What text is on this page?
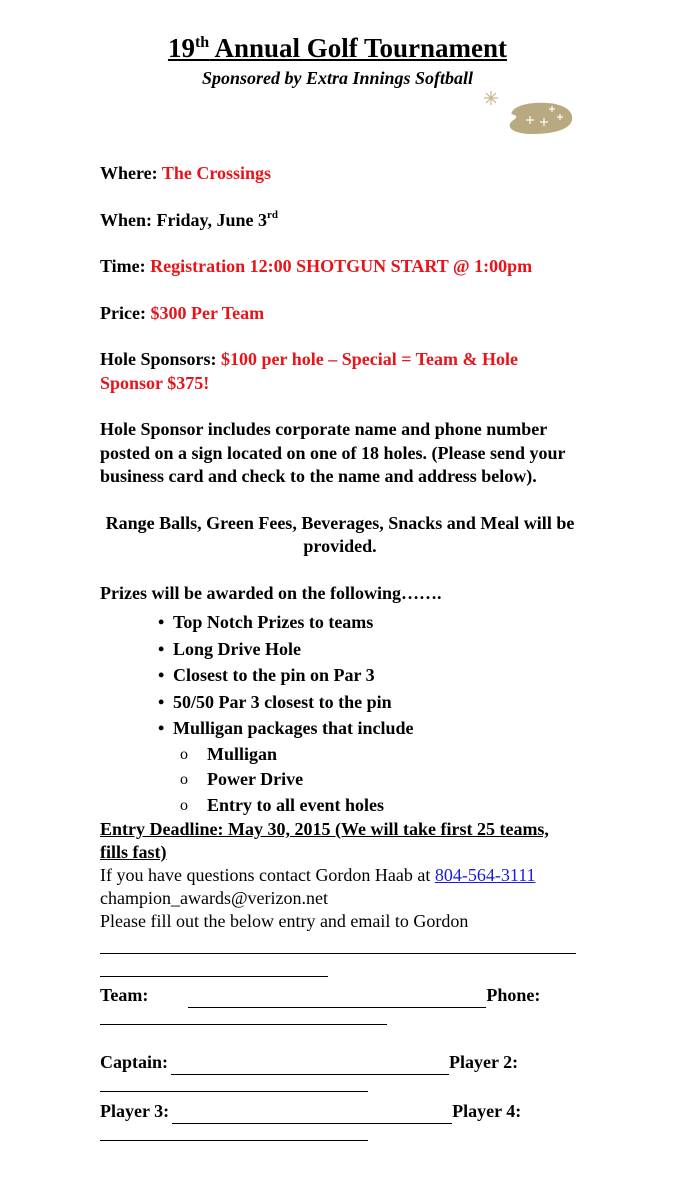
19th Annual Golf Tournament
Sponsored by Extra Innings Softball
Where: The Crossings
When: Friday, June 3rd
Time: Registration 12:00 SHOTGUN START @ 1:00pm
Price: $300 Per Team
Hole Sponsors: $100 per hole – Special = Team & Hole Sponsor $375!
Hole Sponsor includes corporate name and phone number posted on a sign located on one of 18 holes. (Please send your business card and check to the name and address below).
Range Balls, Green Fees, Beverages, Snacks and Meal will be provided.
Prizes will be awarded on the following…….
• Top Notch Prizes to teams
• Long Drive Hole
• Closest to the pin on Par 3
• 50/50 Par 3 closest to the pin
• Mulligan packages that include
o Mulligan
o Power Drive
o Entry to all event holes
Entry Deadline: May 30, 2015 (We will take first 25 teams, fills fast)
If you have questions contact Gordon Haab at 804-564-3111 champion_awards@verizon.net
Please fill out the below entry and email to Gordon
Team:	Phone:
Captain:	Player 2:
Player 3:	Player 4:
